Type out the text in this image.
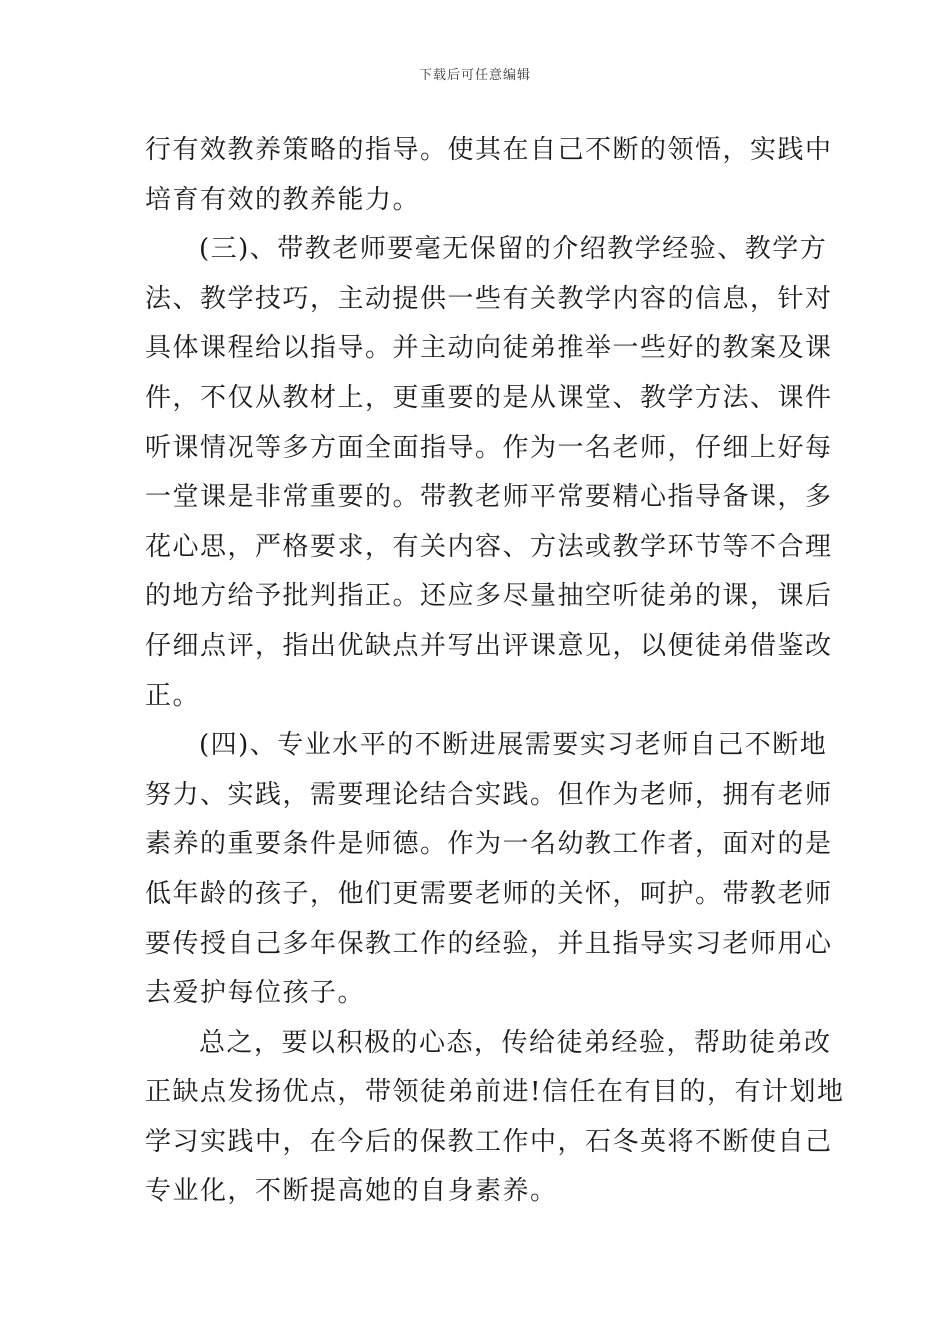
下载后可任意编辑
行有效教养策略的指导。使其在自己不断的领悟，实践中
培育有效的教养能力。
(三)、带教老师要毫无保留的介绍教学经验、教学方
法、教学技巧，主动提供一些有关教学内容的信息，针对
具体课程给以指导。并主动向徒弟推举一些好的教案及课
件，不仅从教材上，更重要的是从课堂、教学方法、课件
听课情况等多方面全面指导。作为一名老师，仔细上好每
一堂课是非常重要的。带教老师平常要精心指导备课，多
花心思，严格要求，有关内容、方法或教学环节等不合理
的地方给予批判指正。还应多尽量抽空听徒弟的课，课后
仔细点评，指出优缺点并写出评课意见，以便徒弟借鉴改
正。
(四)、专业水平的不断进展需要实习老师自己不断地
努力、实践，需要理论结合实践。但作为老师，拥有老师
素养的重要条件是师德。作为一名幼教工作者，面对的是
低年龄的孩子，他们更需要老师的关怀，呵护。带教老师
要传授自己多年保教工作的经验，并且指导实习老师用心
去爱护每位孩子。
总之，要以积极的心态，传给徒弟经验，帮助徒弟改
正缺点发扬优点，带领徒弟前进!信任在有目的，有计划地
学习实践中，在今后的保教工作中，石冬英将不断使自己
专业化，不断提高她的自身素养。
